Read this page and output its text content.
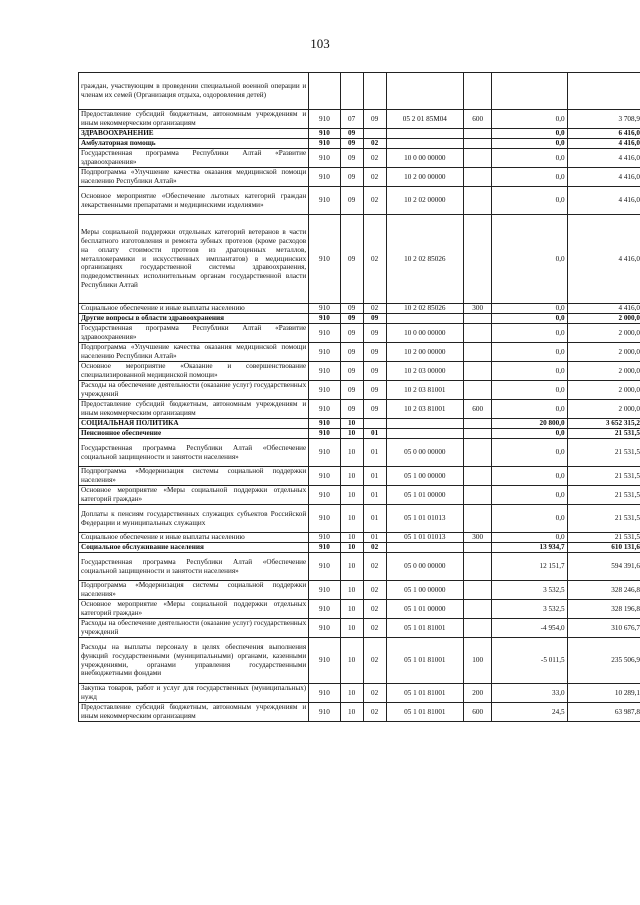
103
граждан, участвующим в проведении специальной военной операции и членам их семей (Организация отдыха, оздоровления детей)							
Предоставление субсидий бюджетным, автономным учреждениям и иным некоммерческим организациям	910	07	09	05 2 01 85М04	600	0,0	3 708,9
ЗДРАВООХРАНЕНИЕ	910	09				0,0	6 416,0
Амбулаторная помощь	910	09	02			0,0	4 416,0
Государственная программа Республики Алтай «Развитие здравоохранения»	910	09	02	10 0 00 00000		0,0	4 416,0
Подпрограмма «Улучшение качества оказания медицинской помощи населению Республики Алтай»	910	09	02	10 2 00 00000		0,0	4 416,0
Основное мероприятие «Обеспечение льготных категорий граждан лекарственными препаратами и медицинскими изделиями»	910	09	02	10 2 02 00000		0,0	4 416,0
Меры социальной поддержки отдельных категорий ветеранов в части бесплатного изготовления и ремонта зубных протезов (кроме расходов на оплату стоимости протезов из драгоценных металлов, металлокерамики и искусственных имплантатов) в медицинских организациях государственной системы здравоохранения, подведомственных исполнительным органам государственной власти Республики Алтай	910	09	02	10 2 02 85026		0,0	4 416,0
Социальное обеспечение и иные выплаты населению	910	09	02	10 2 02 85026	300	0,0	4 416,0
Другие вопросы в области здравоохранения	910	09	09			0,0	2 000,0
Государственная программа Республики Алтай «Развитие здравоохранения»	910	09	09	10 0 00 00000		0,0	2 000,0
Подпрограмма «Улучшение качества оказания медицинской помощи населению Республики Алтай»	910	09	09	10 2 00 00000		0,0	2 000,0
Основное мероприятие «Оказание и совершенствование специализированной медицинской помощи»	910	09	09	10 2 03 00000		0,0	2 000,0
Расходы на обеспечение деятельности (оказание услуг) государственных учреждений	910	09	09	10 2 03 81001		0,0	2 000,0
Предоставление субсидий бюджетным, автономным учреждениям и иным некоммерческим организациям	910	09	09	10 2 03 81001	600	0,0	2 000,0
СОЦИАЛЬНАЯ ПОЛИТИКА	910	10				20 800,0	3 652 315,2
Пенсионное обеспечение	910	10	01			0,0	21 531,5
Государственная программа Республики Алтай «Обеспечение социальной защищенности и занятости населения»	910	10	01	05 0 00 00000		0,0	21 531,5
Подпрограмма «Модернизация системы социальной поддержки населения»	910	10	01	05 1 00 00000		0,0	21 531,5
Основное мероприятие «Меры социальной поддержки отдельных категорий граждан»	910	10	01	05 1 01 00000		0,0	21 531,5
Доплаты к пенсиям государственных служащих субъектов Российской Федерации и муниципальных служащих	910	10	01	05 1 01 01013		0,0	21 531,5
Социальное обеспечение и иные выплаты населению	910	10	01	05 1 01 01013	300	0,0	21 531,5
Социальное обслуживание населения	910	10	02			13 934,7	610 131,6
Государственная программа Республики Алтай «Обеспечение социальной защищенности и занятости населения»	910	10	02	05 0 00 00000		12 151,7	594 391,6
Подпрограмма «Модернизация системы социальной поддержки населения»	910	10	02	05 1 00 00000		3 532,5	328 246,8
Основное мероприятие «Меры социальной поддержки отдельных категорий граждан»	910	10	02	05 1 01 00000		3 532,5	328 196,8
Расходы на обеспечение деятельности (оказание услуг) государственных учреждений	910	10	02	05 1 01 81001		-4 954,0	310 676,7
Расходы на выплаты персоналу в целях обеспечения выполнения функций государственными (муниципальными) органами, казенными учреждениями, органами управления государственными внебюджетными фондами	910	10	02	05 1 01 81001	100	-5 011,5	235 506,9
Закупка товаров, работ и услуг для государственных (муниципальных) нужд	910	10	02	05 1 01 81001	200	33,0	10 289,1
Предоставление субсидий бюджетным, автономным учреждениям и иным некоммерческим организациям	910	10	02	05 1 01 81001	600	24,5	63 987,8
